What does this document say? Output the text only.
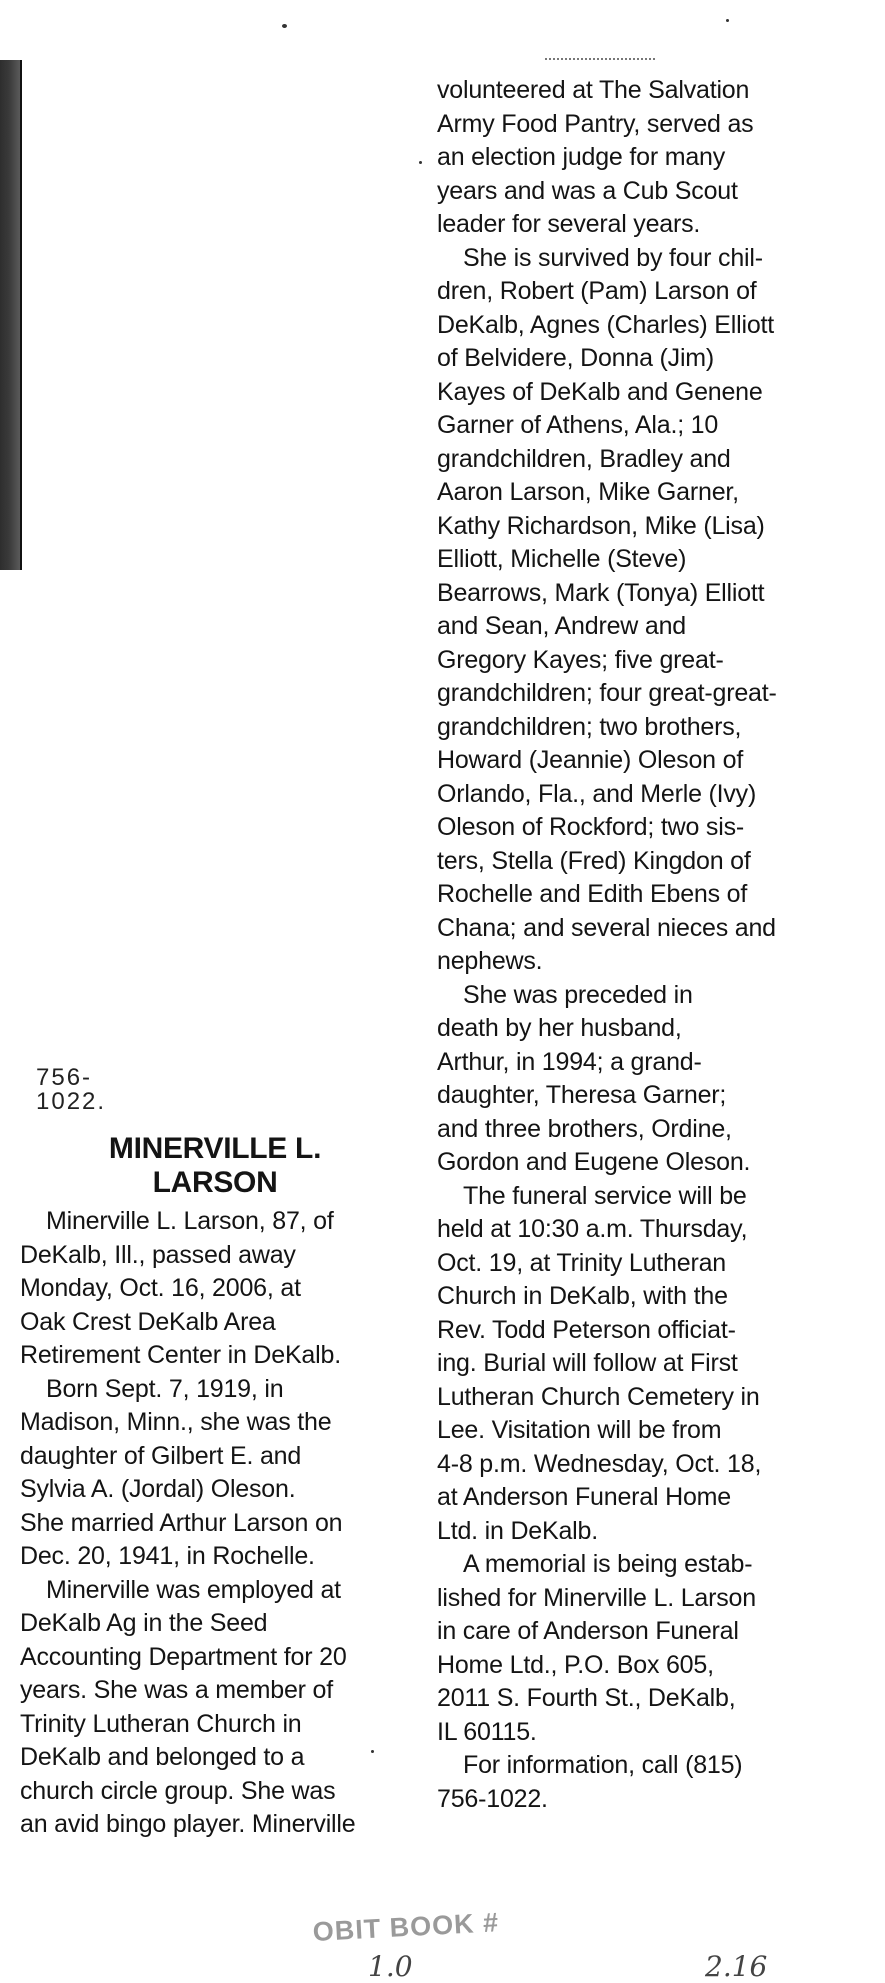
756-1022.
MINERVILLE L.
LARSON

Minerville L. Larson, 87, of

DeKalb, Ill., passed away

Monday, Oct. 16, 2006, at

Oak Crest DeKalb Area

Retirement Center in DeKalb.

Born Sept. 7, 1919, in

Madison, Minn., she was the

daughter of Gilbert E. and

Sylvia A. (Jordal) Oleson.

She married Arthur Larson on

Dec. 20, 1941, in Rochelle.

Minerville was employed at

DeKalb Ag in the Seed

Accounting Department for 20

years. She was a member of

Trinity Lutheran Church in

DeKalb and belonged to a

church circle group. She was

an avid bingo player. Minerville

volunteered at The Salvation

Army Food Pantry, served as

an election judge for many

years and was a Cub Scout

leader for several years.

She is survived by four chil-

dren, Robert (Pam) Larson of

DeKalb, Agnes (Charles) Elliott

of Belvidere, Donna (Jim)

Kayes of DeKalb and Genene

Garner of Athens, Ala.; 10

grandchildren, Bradley and

Aaron Larson, Mike Garner,

Kathy Richardson, Mike (Lisa)

Elliott, Michelle (Steve)

Bearrows, Mark (Tonya) Elliott

and Sean, Andrew and

Gregory Kayes; five great-

grandchildren; four great-great-

grandchildren; two brothers,

Howard (Jeannie) Oleson of

Orlando, Fla., and Merle (Ivy)

Oleson of Rockford; two sis-

ters, Stella (Fred) Kingdon of

Rochelle and Edith Ebens of

Chana; and several nieces and

nephews.

She was preceded in

death by her husband,

Arthur, in 1994; a grand-

daughter, Theresa Garner;

and three brothers, Ordine,

Gordon and Eugene Oleson.

The funeral service will be

held at 10:30 a.m. Thursday,

Oct. 19, at Trinity Lutheran

Church in DeKalb, with the

Rev. Todd Peterson officiat-

ing. Burial will follow at First

Lutheran Church Cemetery in

Lee. Visitation will be from

4-8 p.m. Wednesday, Oct. 18,

at Anderson Funeral Home

Ltd. in DeKalb.

A memorial is being estab-

lished for Minerville L. Larson

in care of Anderson Funeral

Home Ltd., P.O. Box 605,

2011 S. Fourth St., DeKalb,

IL 60115.

For information, call (815)

756-1022.

OBIT BOOK #
1.0	2.16
